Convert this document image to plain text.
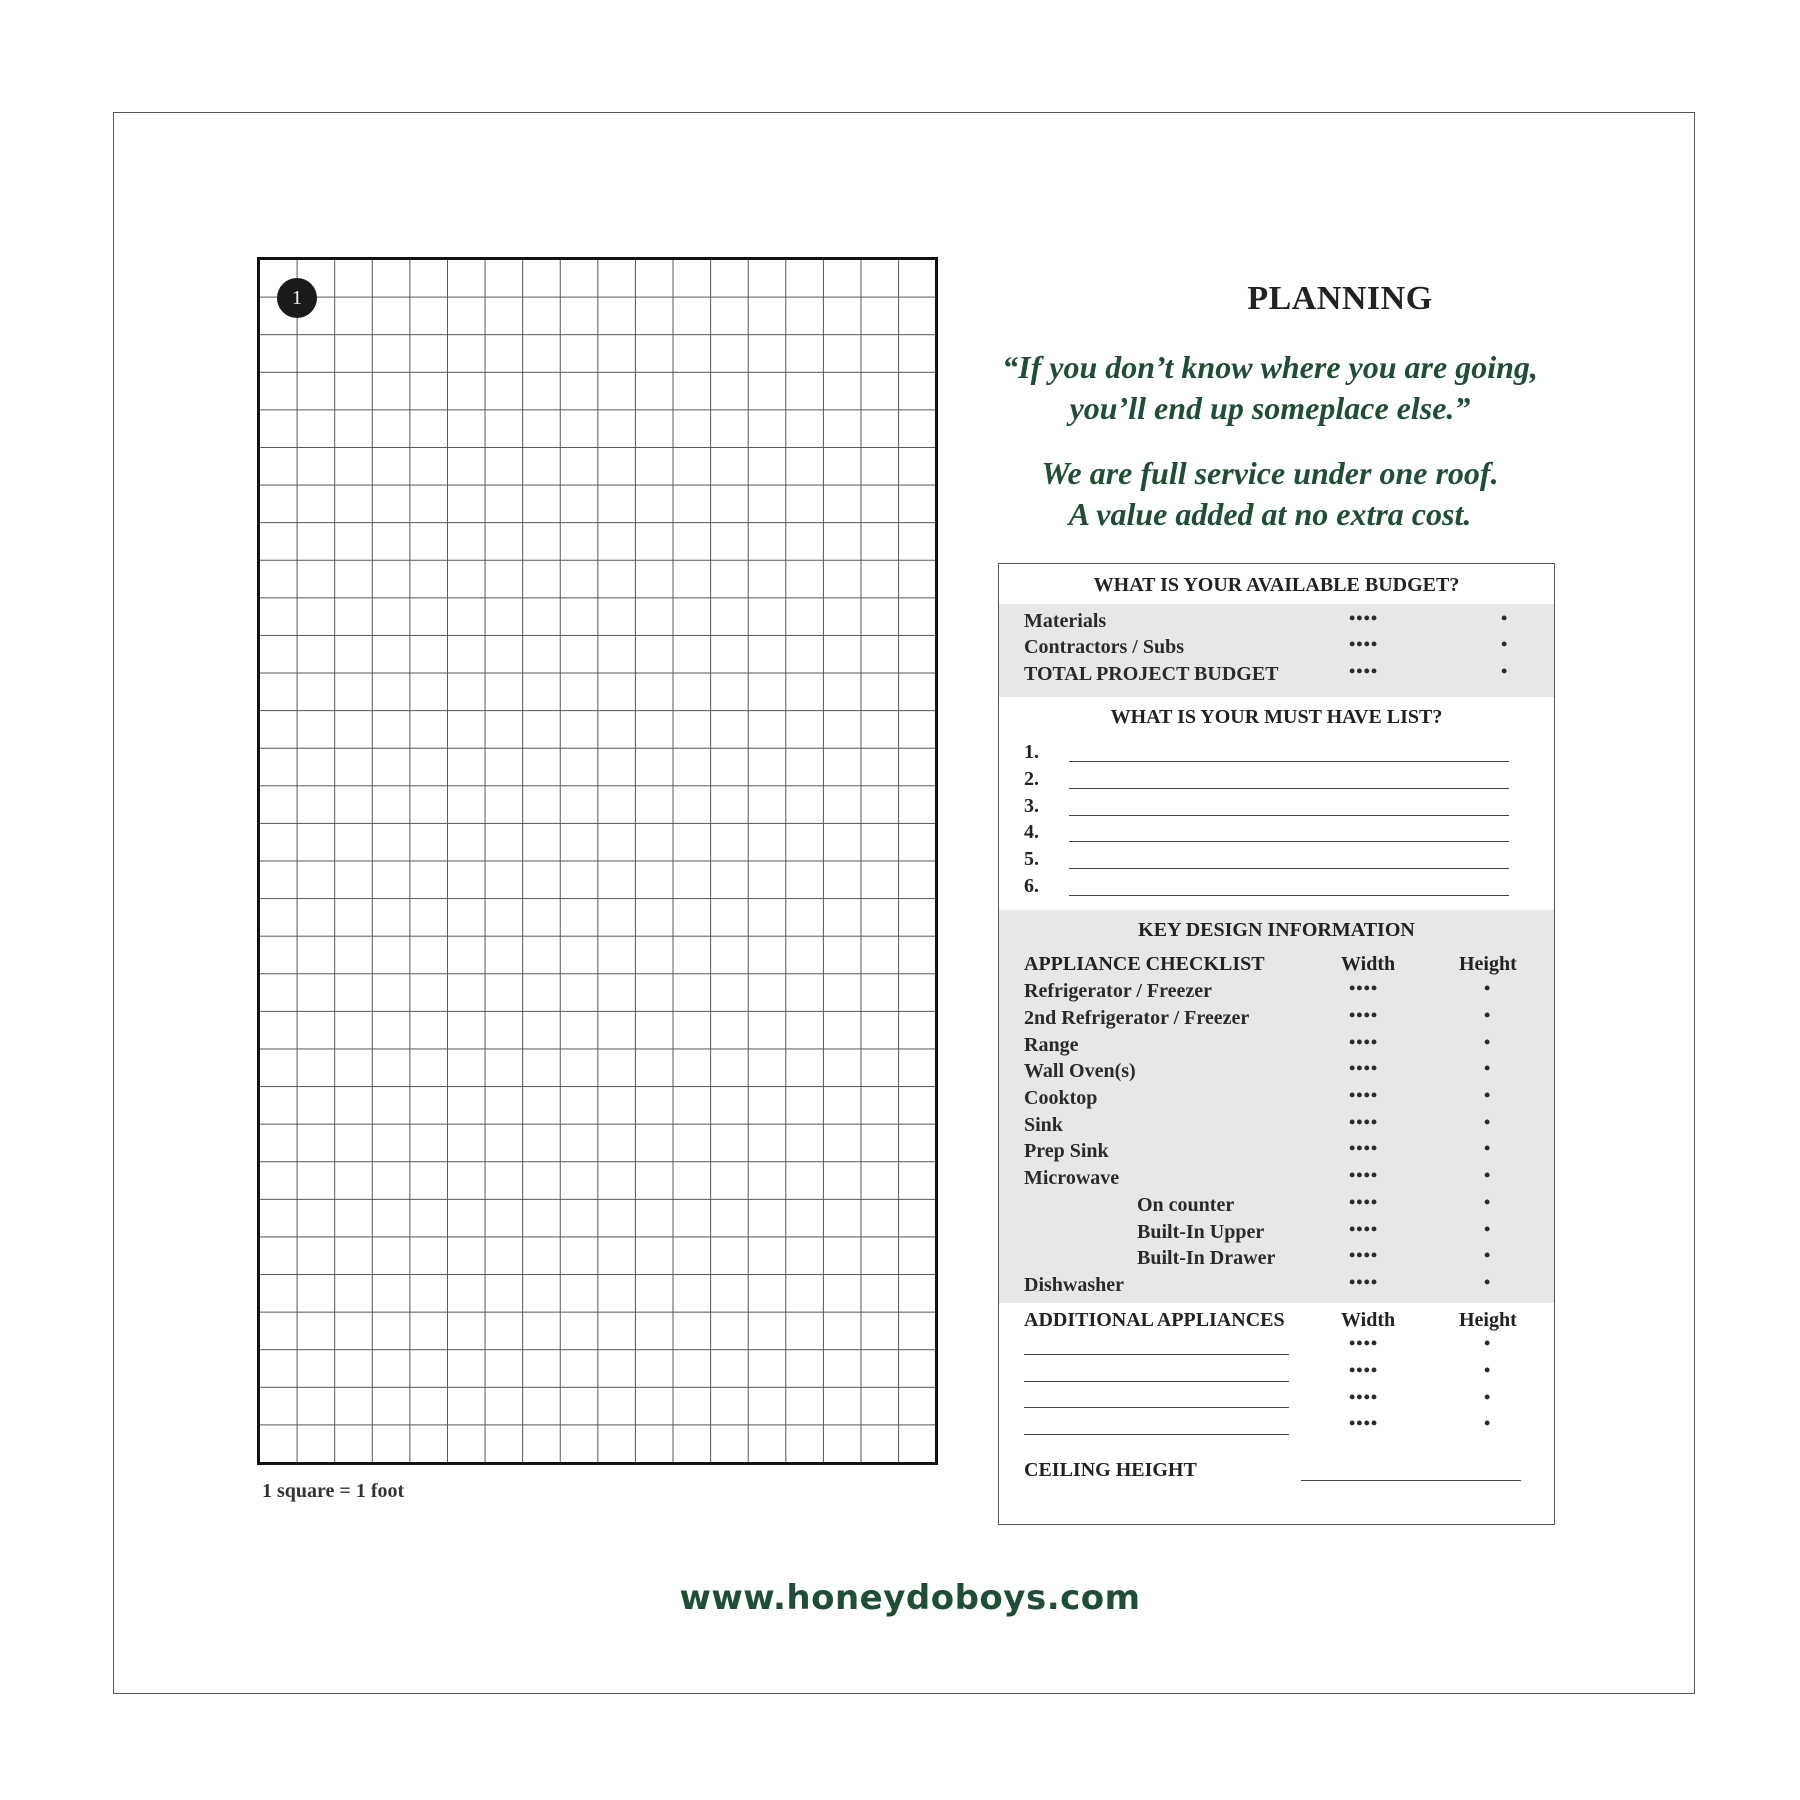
1
1 square = 1 foot
PLANNING
“If you don’t know where you are going,
you’ll end up someplace else.”
We are full service under one roof.
A value added at no extra cost.
WHAT IS YOUR AVAILABLE BUDGET?
Materials	••••	•
Contractors / Subs	••••	•
TOTAL PROJECT BUDGET	••••	•
WHAT IS YOUR MUST HAVE LIST?
1.
2.
3.
4.
5.
6.
KEY DESIGN INFORMATION
APPLIANCE CHECKLIST	Width	Height
Refrigerator / Freezer	••••	•
2nd Refrigerator / Freezer	••••	•
Range	••••	•
Wall Oven(s)	••••	•
Cooktop	••••	•
Sink	••••	•
Prep Sink	••••	•
Microwave	••••	•
On counter	••••	•
Built-In Upper	••••	•
Built-In Drawer	••••	•
Dishwasher	••••	•
ADDITIONAL APPLIANCES	Width	Height
••••	•
••••	•
••••	•
••••	•
CEILING HEIGHT
www.honeydoboys.com
